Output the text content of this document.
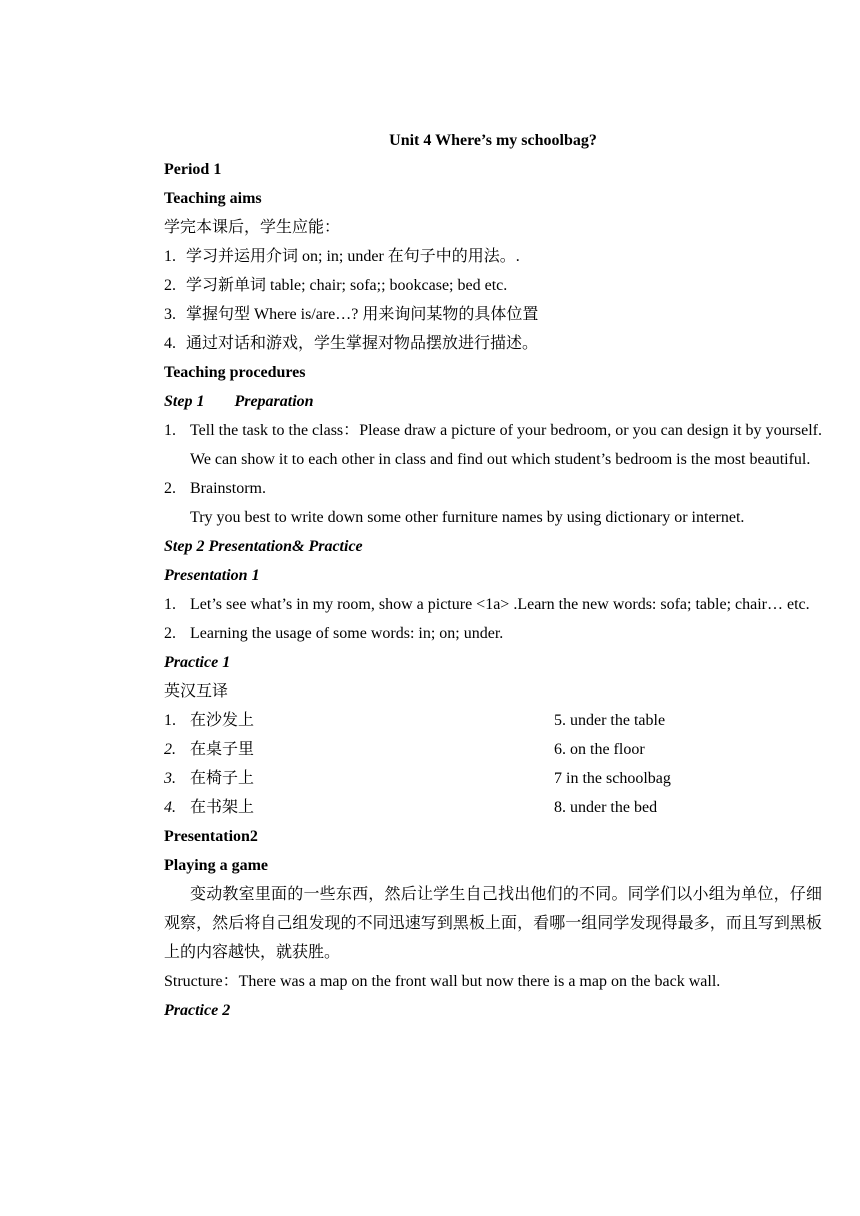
Unit 4 Where’s my schoolbag?
Period 1
Teaching aims
学完本课后，学生应能：
1. 学习并运用介词 on; in; under 在句子中的用法。.
2. 学习新单词 table; chair; sofa;; bookcase; bed etc.
3. 掌握句型 Where is/are…? 用来询问某物的具体位置
4. 通过对话和游戏，学生掌握对物品摆放进行描述。
Teaching procedures
Step 1 Preparation
1. Tell the task to the class：Please draw a picture of your bedroom, or you can design it by yourself. We can show it to each other in class and find out which student’s bedroom is the most beautiful.
2. Brainstorm.
Try you best to write down some other furniture names by using dictionary or internet.
Step 2 Presentation& Practice
Presentation 1
1. Let’s see what’s in my room, show a picture <1a> .Learn the new words: sofa; table; chair… etc.
2. Learning the usage of some words: in; on; under.
Practice 1
英汉互译
1. 在沙发上	5. under the table
2. 在桌子里	6. on the floor
3. 在椅子上	7 in the schoolbag
4. 在书架上	8. under the bed
Presentation2
Playing a game
变动教室里面的一些东西，然后让学生自己找出他们的不同。同学们以小组为单位，仔细观察，然后将自己组发现的不同迅速写到黑板上面，看哪一组同学发现得最多，而且写到黑板上的内容越快，就获胜。
Structure：There was a map on the front wall but now there is a map on the back wall.
Practice 2
